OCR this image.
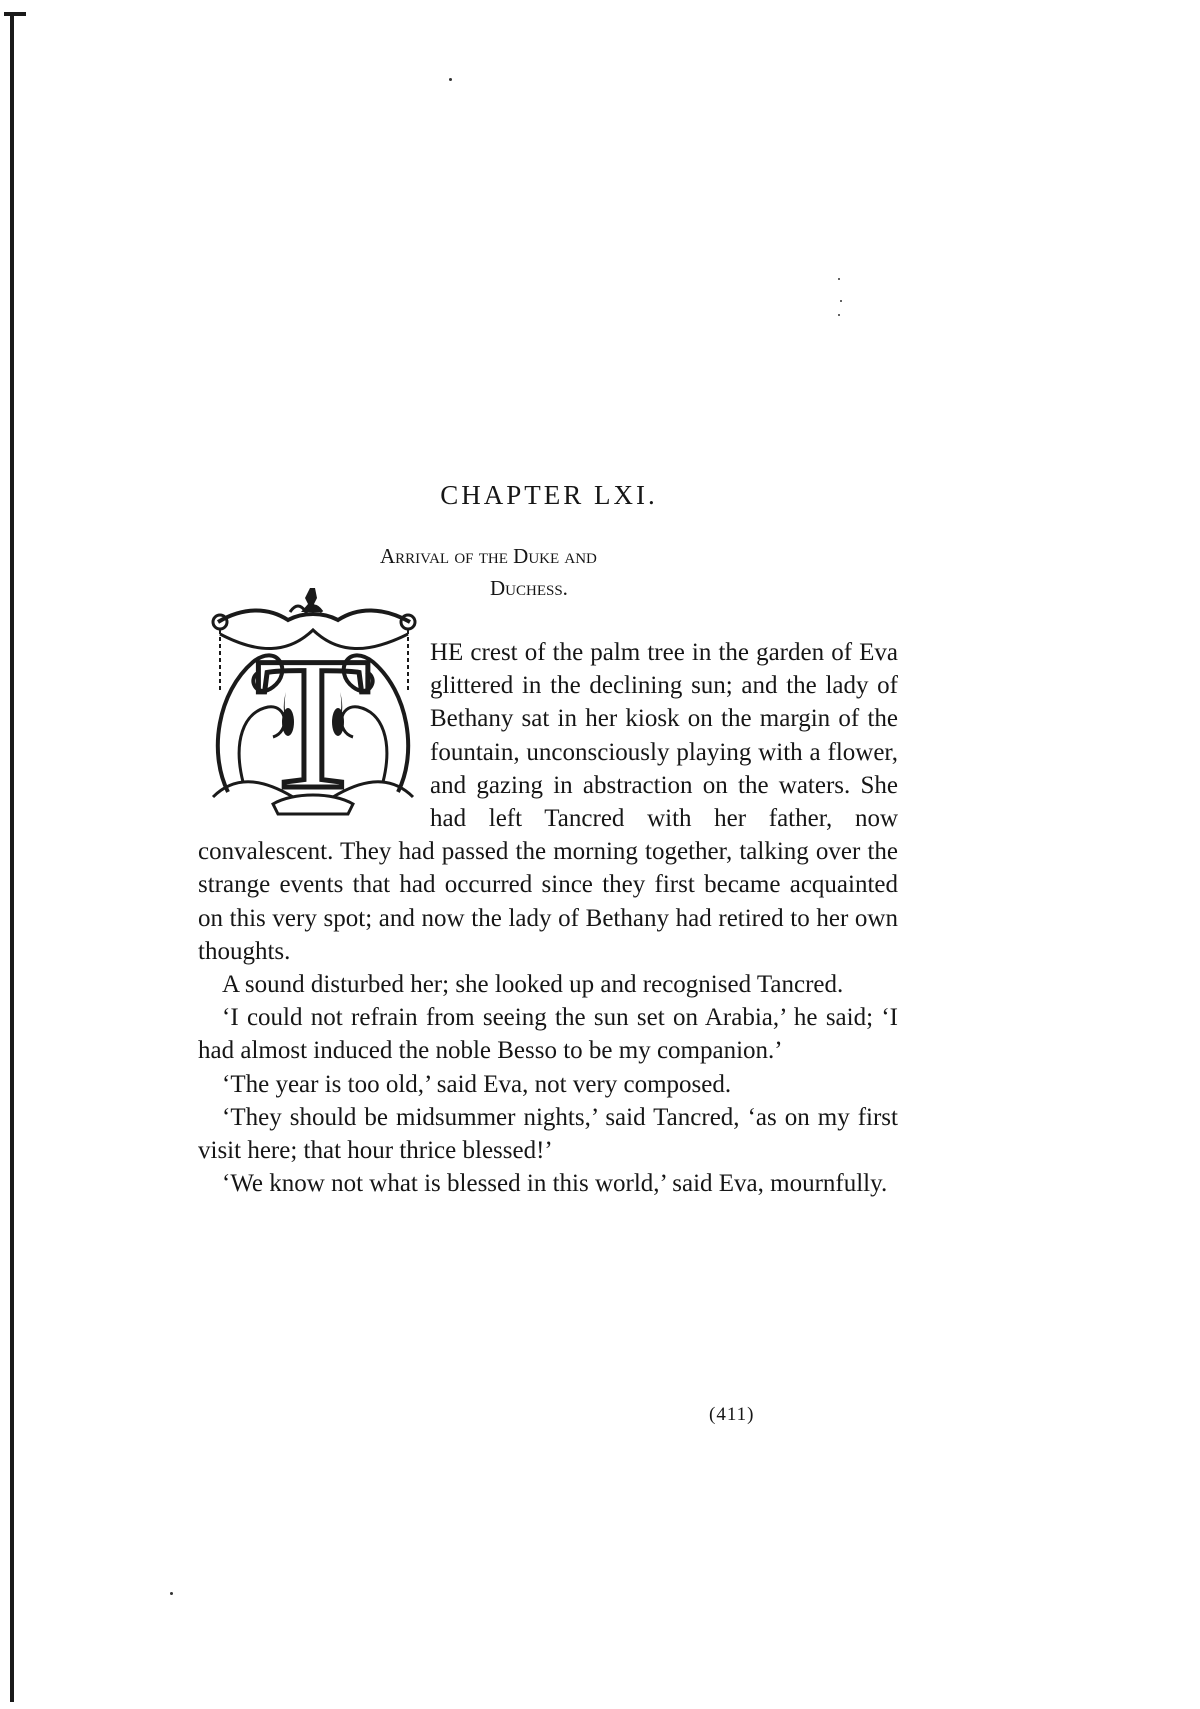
CHAPTER LXI.
Arrival of the Duke and
Duchess.
T	HE crest of the palm tree in the garden of Eva glittered in the declining sun; and the lady of Bethany sat in her kiosk on the margin of the fountain, unconsciously playing with a flower, and gazing in abstraction on the waters. She had left Tancred with her father, now convalescent. They had passed the morning together, talking over the strange events that had occurred since they first became acquainted on this very spot; and now the lady of Bethany had retired to her own thoughts.

A sound disturbed her; she looked up and recognised Tancred.

‘I could not refrain from seeing the sun set on Arabia,’ he said; ‘I had almost induced the noble Besso to be my companion.’

‘The year is too old,’ said Eva, not very composed.

‘They should be midsummer nights,’ said Tancred, ‘as on my first visit here; that hour thrice blessed!’

‘We know not what is blessed in this world,’ said Eva, mournfully.

(411)
